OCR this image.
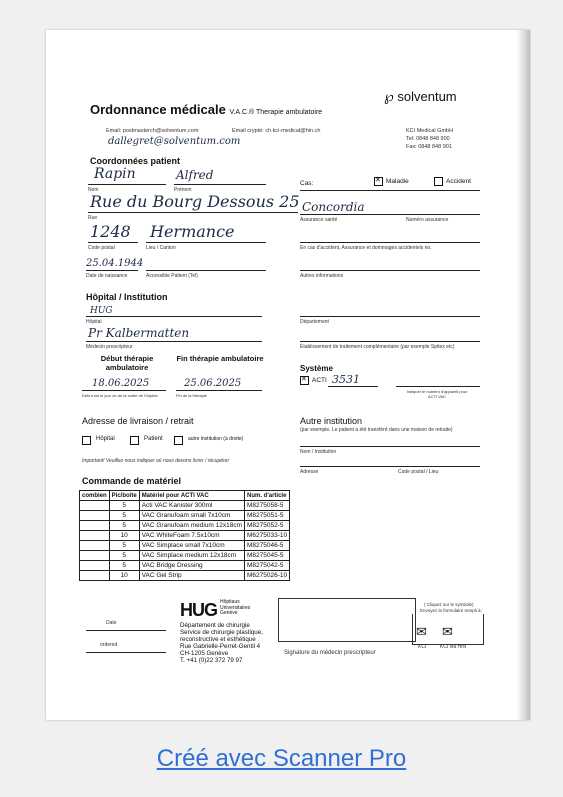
Ordonnance médicale V.A.C.® Therapie ambulatoire
℘ solventum
Email: postmasterch@solventum.com	Email crypté: ch.kci-medical@hin.ch	KCI Medical GmbH
Tel: 0848 848 900
Fax: 0848 848 901
dallegret@solventum.com
Coordonnées patient
Rapin	Alfred
Nom	Prénom
Rue du Bourg Dessous 25
Rue
1248 Hermance
Code postal	Lieu / Canton
25.04.1944
Date de naissance	Accessible Patient (Tel)
Cas: ✕	Maladie	Accident
Concordia
Assurance santé	Numéro assurance
En cas d'accident, Assurance et dommages accidentels no.
Autres informations
Hôpital / Institution
HUG
Hôpital
Pr Kalbermatten
Médecin prescripteur
Département
Établissement de traitement complémentaire (par exemple Spitex etc)
Début thérapie ambulatoire
Fin thérapie ambulatoire
18.06.2025	25.06.2025
Début est le jour ce-de la sortie de l'hôpital	Fin de la thérapie
Système
✕
ACTI 3531
Indiquer le numéro d'appareil pour ACTI VAC
Adresse de livraison / retrait
Hôpital	Patient	autre institution (à droite)
Important! Veuillez nous indiquer où nous devons livrer / récupérer
Autre institution
(par exemple. Le patient a été transféré dans une maison de retraite)
Nom / Institution
Adresse	Code postal / Lieu
Commande de matériel
combien	Pic/boîte	Matériel pour ACTI VAC	Num. d'article
	5	Acti VAC Kanister 300ml	M8275058-5
	5	VAC Granufoam small 7x10cm	M8275051-5
	5	VAC Granufoam medium 12x18cm	M8275052-5
	10	VAC WhiteFoam 7.5x10cm	M6275033-10
	5	VAC Simplace small 7x10cm	M8275046-5
	5	VAC Simplace medium 12x18cm	M8275045-5
	5	VAC Bridge Dressing	M8275042-5
	10	VAC Gel Strip	M6275026-10
Date
ordered
HUG Hôpitaux
Universitaires
Genève
Département de chirurgie
Service de chirurgie plastique,
reconstructive et esthétique
Rue Gabrielle-Perret-Gentil 4
CH-1205 Genève
T. +41 (0)22 372 79 97
Signature du médecin prescripteur
( Cliquez sur le symbole)
Envoyez le formulaire rempli à:
✉ ✉
KCI	KCI via HIN
Créé avec Scanner Pro
